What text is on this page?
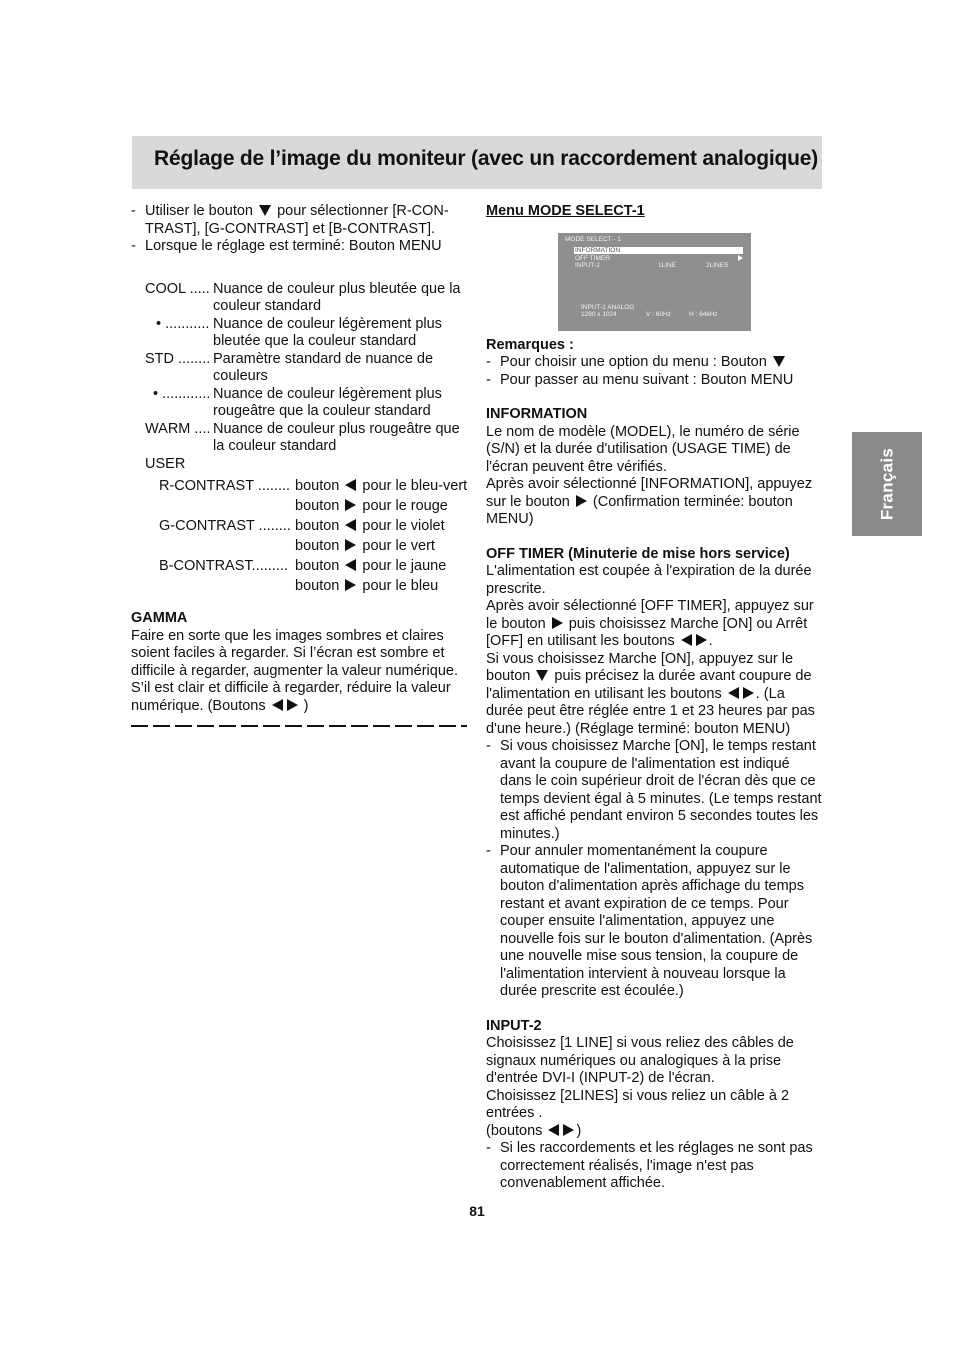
Réglage de l’image du moniteur (avec un raccordement analogique)
Français
- Utiliser le bouton pour sélectionner [R-CON-TRAST], [G-CONTRAST] et [B-CONTRAST].
- Lorsque le réglage est terminé: Bouton MENU
COOL ..... Nuance de couleur plus bleutée que la couleur standard
• ........... Nuance de couleur légèrement plus bleutée que la couleur standard
STD ........ Paramètre standard de nuance de couleurs
• ............ Nuance de couleur légèrement plus rougeâtre que la couleur standard
WARM .... Nuance de couleur plus rougeâtre que la couleur standard
USER
R-CONTRAST ........ bouton pour le bleu-vert
bouton pour le rouge
G-CONTRAST ........ bouton pour le violet
bouton pour le vert
B-CONTRAST......... bouton pour le jaune
bouton pour le bleu
GAMMA
Faire en sorte que les images sombres et claires soient faciles à regarder. Si l’écran est sombre et difficile à regarder, augmenter la valeur numérique. S’il est clair et difficile à regarder, réduire la valeur numérique. (Boutons	)
Menu MODE SELECT-1
MODE SELECT - 1
INFORMATION
OFF TIMER
INPUT-2	1LINE	2LINES
INPUT-1 ANALOG
1280 x 1024	V : 60Hz	H : 64kHz
Remarques :
- Pour choisir une option du menu : Bouton
- Pour passer au menu suivant : Bouton MENU
INFORMATION
Le nom de modèle (MODEL), le numéro de série (S/N) et la durée d'utilisation (USAGE TIME) de l'écran peuvent être vérifiés.
Après avoir sélectionné [INFORMATION], appuyez sur le bouton (Confirmation terminée: bouton MENU)
OFF TIMER (Minuterie de mise hors service)
L'alimentation est coupée à l'expiration de la durée prescrite.
Après avoir sélectionné [OFF TIMER], appuyez sur le bouton puis choisissez Marche [ON] ou Arrêt [OFF] en utilisant les boutons .
Si vous choisissez Marche [ON], appuyez sur le bouton puis précisez la durée avant coupure de l'alimentation en utilisant les boutons . (La durée peut être réglée entre 1 et 23 heures par pas d'une heure.) (Réglage terminé: bouton MENU)
- Si vous choisissez Marche [ON], le temps restant avant la coupure de l'alimentation est indiqué dans le coin supérieur droit de l'écran dès que ce temps devient égal à 5 minutes. (Le temps restant est affiché pendant environ 5 secondes toutes les minutes.)
- Pour annuler momentanément la coupure automatique de l'alimentation, appuyez sur le bouton d'alimentation après affichage du temps restant et avant expiration de ce temps. Pour couper ensuite l'alimentation, appuyez une nouvelle fois sur le bouton d'alimentation. (Après une nouvelle mise sous tension, la coupure de l'alimentation intervient à nouveau lorsque la durée prescrite est écoulée.)
INPUT-2
Choisissez [1 LINE] si vous reliez des câbles de signaux numériques ou analogiques à la prise d'entrée DVI-I (INPUT-2) de l'écran.
Choisissez [2LINES] si vous reliez un câble à 2 entrées .
(boutons )
- Si les raccordements et les réglages ne sont pas correctement réalisés, l'image n'est pas convenablement affichée.
81
